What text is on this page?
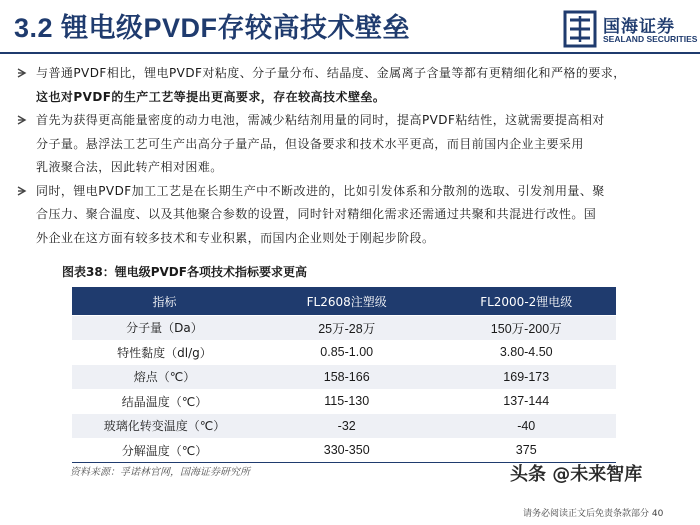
3.2 锂电级PVDF存较高技术壁垒	国海证券
SEALAND SECURITIES
与普通PVDF相比，锂电PVDF对粘度、分子量分布、结晶度、金属离子含量等都有更精细化和严格的要求，
这也对PVDF的生产工艺等提出更高要求，存在较高技术壁垒。
首先为获得更高能量密度的动力电池，需减少粘结剂用量的同时，提高PVDF粘结性，这就需要提高相对
分子量。悬浮法工艺可生产出高分子量产品，但设备要求和技术水平更高，而目前国内企业主要采用
乳液聚合法，因此转产相对困难。
同时，锂电PVDF加工工艺是在长期生产中不断改进的，比如引发体系和分散剂的选取、引发剂用量、聚
合压力、聚合温度、以及其他聚合参数的设置，同时针对精细化需求还需通过共聚和共混进行改性。国
外企业在这方面有较多技术和专业积累，而国内企业则处于刚起步阶段。
图表38：锂电级PVDF各项技术指标要求更高
指标	FL2608注塑级	FL2000-2锂电级
分子量（Da）	25万-28万	150万-200万
特性黏度（dl/g）	0.85-1.00	3.80-4.50
熔点（℃）	158-166	169-173
结晶温度（℃）	115-130	137-144
玻璃化转变温度（℃）	-32	-40
分解温度（℃）	330-350	375
资料来源：孚诺林官网，国海证券研究所	头条 @未来智库
请务必阅读正文后免责条款部分 40
